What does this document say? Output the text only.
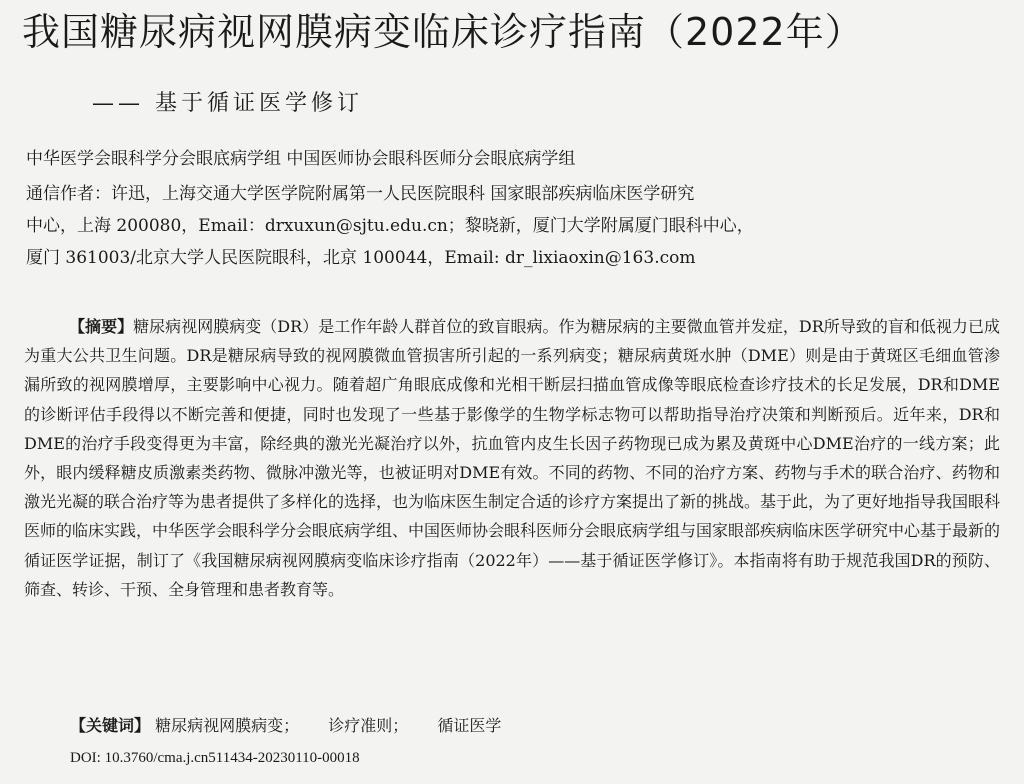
我国糖尿病视网膜病变临床诊疗指南（2022年）
—— 基于循证医学修订
中华医学会眼科学分会眼底病学组 中国医师协会眼科医师分会眼底病学组
通信作者：许迅，上海交通大学医学院附属第一人民医院眼科 国家眼部疾病临床医学研究
中心，上海 200080，Email：drxuxun@sjtu.edu.cn；黎晓新，厦门大学附属厦门眼科中心，
厦门 361003/北京大学人民医院眼科，北京 100044，Email: dr_lixiaoxin@163.com
【摘要】糖尿病视网膜病变（DR）是工作年龄人群首位的致盲眼病。作为糖尿病的主要微血管并发症，DR所导致的盲和低视力已成为重大公共卫生问题。DR是糖尿病导致的视网膜微血管损害所引起的一系列病变；糖尿病黄斑水肿（DME）则是由于黄斑区毛细血管渗漏所致的视网膜增厚，主要影响中心视力。随着超广角眼底成像和光相干断层扫描血管成像等眼底检查诊疗技术的长足发展，DR和DME的诊断评估手段得以不断完善和便捷，同时也发现了一些基于影像学的生物学标志物可以帮助指导治疗决策和判断预后。近年来，DR和DME的治疗手段变得更为丰富，除经典的激光光凝治疗以外，抗血管内皮生长因子药物现已成为累及黄斑中心DME治疗的一线方案；此外，眼内缓释糖皮质激素类药物、微脉冲激光等，也被证明对DME有效。不同的药物、不同的治疗方案、药物与手术的联合治疗、药物和激光光凝的联合治疗等为患者提供了多样化的选择，也为临床医生制定合适的诊疗方案提出了新的挑战。基于此，为了更好地指导我国眼科医师的临床实践，中华医学会眼科学分会眼底病学组、中国医师协会眼科医师分会眼底病学组与国家眼部疾病临床医学研究中心基于最新的循证医学证据，制订了《我国糖尿病视网膜病变临床诊疗指南（2022年）——基于循证医学修订》。本指南将有助于规范我国DR的预防、筛查、转诊、干预、全身管理和患者教育等。
【关键词】 糖尿病视网膜病变； 诊疗准则； 循证医学
DOI: 10.3760/cma.j.cn511434-20230110-00018
